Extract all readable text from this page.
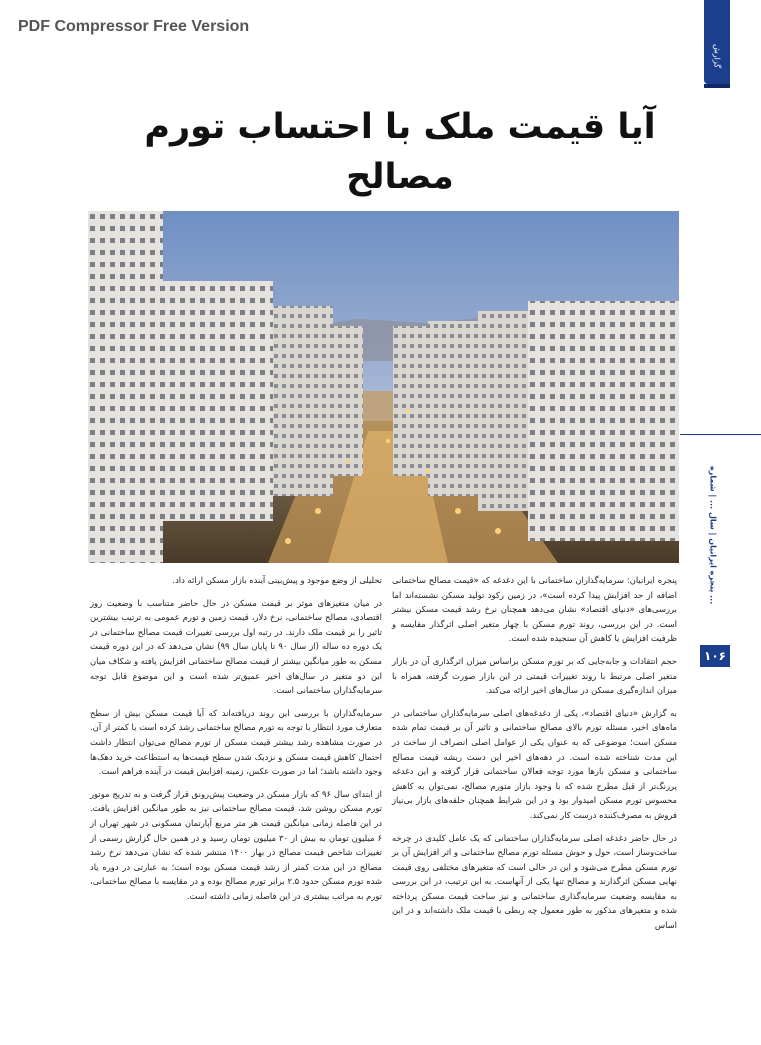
PDF Compressor Free Version
گزارش
آیا قیمت ملک با احتساب تورم مصالح
پنجره ایرانیان | سال ... | شماره ...
۱۰۶

پنجره ایرانیان: سرمایه‌گذاران ساختمانی با این دغدغه که «قیمت مصالح ساختمانی اضافه از حد افزایش پیدا کرده است»، در زمین رکود تولید مسکن نشسته‌اند اما بررسی‌های «دنیای اقتصاد» نشان می‌دهد همچنان نرخ رشد قیمت مسکن بیشتر است. در این بررسی، روند تورم مسکن با چهار متغیر اصلی اثرگذار مقایسه و ظرفیت افزایش یا کاهش آن سنجیده شده است.

حجم انتقادات و جابه‌جایی که بر تورم مسکن براساس میزان اثرگذاری آن در بازار متغیر اصلی مرتبط با روند تغییرات قیمتی در این بازار صورت گرفته، همراه با میزان اندازه‌گیری مسکن در سال‌های اخیر ارائه می‌کند.

به گزارش «دنیای اقتصاد»، یکی از دغدغه‌های اصلی سرمایه‌گذاران ساختمانی در ماه‌های اخیر، مسئله تورم بالای مصالح ساختمانی و تاثیر آن بر قیمت تمام شده مسکن است؛ موضوعی که به عنوان یکی از عوامل اصلی انصراف از ساخت در این مدت شناخته شده است. در دهه‌های اخیر این دست ریشه قیمت مصالح ساختمانی و مسکن بارها مورد توجه فعالان ساختمانی قرار گرفته و این دغدغه پررنگ‌تر از قبل مطرح شده که با وجود بازار متورم مصالح، نمی‌توان به کاهش محسوس تورم مسکن امیدوار بود و در این شرایط همچنان حلقه‌های بازار بی‌نیاز فروش به مصرف‌کننده درست کار نمی‌کند.

در حال حاضر دغدغه اصلی سرمایه‌گذاران ساختمانی که یک عامل کلیدی در چرخه ساخت‌وساز است، حول و حوش مسئله تورم مصالح ساختمانی و اثر افزایش آن بر تورم مسکن مطرح می‌شود و این در حالی است که متغیرهای مختلفی روی قیمت نهایی مسکن اثرگذارند و مصالح تنها یکی از آنهاست. به این ترتیب، در این بررسی به مقایسه وضعیت سرمایه‌گذاری ساختمانی و نیز ساخت قیمت مسکن پرداخته شده و متغیرهای مذکور به طور معمول چه ربطی با قیمت ملک داشته‌اند و در این اساس

تحلیلی از وضع موجود و پیش‌بینی آینده بازار مسکن ارائه داد.

در میان متغیرهای موثر بر قیمت مسکن در حال حاضر متناسب با وضعیت روز اقتصادی، مصالح ساختمانی، نرخ دلار، قیمت زمین و تورم عمومی به ترتیب بیشترین تاثیر را بر قیمت ملک دارند. در رتبه اول بررسی تغییرات قیمت مصالح ساختمانی در یک دوره ده ساله (از سال ۹۰ تا پایان سال ۹۹) نشان می‌دهد که در این دوره قیمت مسکن به طور میانگین بیشتر از قیمت مصالح ساختمانی افزایش یافته و شکاف میان این دو متغیر در سال‌های اخیر عمیق‌تر شده است و این موضوع قابل توجه سرمایه‌گذاران ساختمانی است.

سرمایه‌گذاران با بررسی این روند دریافته‌اند که آیا قیمت مسکن بیش از سطح متعارف مورد انتظار با توجه به تورم مصالح ساختمانی رشد کرده است یا کمتر از آن. در صورت مشاهده رشد بیشتر قیمت مسکن از تورم مصالح می‌توان انتظار داشت احتمال کاهش قیمت مسکن و نزدیک شدن سطح قیمت‌ها به استطاعت خرید دهک‌ها وجود داشته باشد؛ اما در صورت عکس، زمینه افزایش قیمت در آینده فراهم است.

از ابتدای سال ۹۶ که بازار مسکن در وضعیت پیش‌رونق قرار گرفت و به تدریج موتور تورم مسکن روشن شد، قیمت مصالح ساختمانی نیز به طور میانگین افزایش یافت. در این فاصله زمانی میانگین قیمت هر متر مربع آپارتمان مسکونی در شهر تهران از ۶ میلیون تومان به بیش از ۳۰ میلیون تومان رسید و در همین حال گزارش رسمی از تغییرات شاخص قیمت مصالح در بهار ۱۴۰۰ منتشر شده که نشان می‌دهد نرخ رشد مصالح در این مدت کمتر از رشد قیمت مسکن بوده است؛ به عبارتی در دوره یاد شده تورم مسکن حدود ۲.۵ برابر تورم مصالح بوده و در مقایسه با مصالح ساختمانی، تورم به مراتب بیشتری در این فاصله زمانی داشته است.
